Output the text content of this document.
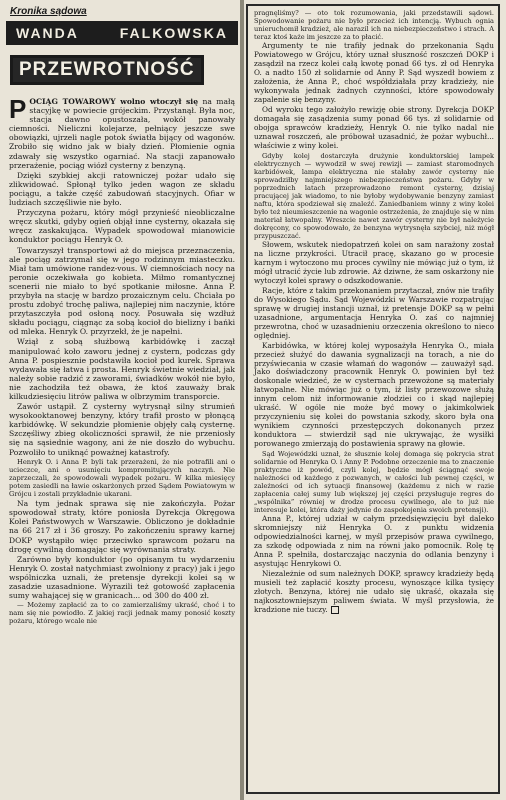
Kronika sądowa
WANDA	FALKOWSKA
PRZEWROTNOŚĆ

POCIĄG TOWAROWY wolno wtoczył się na małą stacyjkę w powiecie grójeckim. Przystanął. Była noc, stacja dawno opustoszała, wokół panowały ciemności. Nieliczni kolejarze, pełniący jeszcze swe obowiązki, ujrzeli nagle potok światła bijący od wagonów. Zrobiło się widno jak w biały dzień. Płomienie ognia zdawały się wszystko ogarniać. Na stacji zapanowało przerażenie, pociąg wiózł cysterny z benzyną.

Dzięki szybkiej akcji ratowniczej pożar udało się zlikwidować. Spłonął tylko jeden wagon ze składu pociągu, a także część zabudowań stacyjnych. Ofiar w ludziach szczęśliwie nie było.

Przyczyna pożaru, który mógł przynieść nieobliczalne wręcz skutki, gdyby ogień objął inne cysterny, okazała się wręcz zaskakująca. Wypadek spowodował mianowicie konduktor pociągu Henryk O.

Towarzyszył transportowi aż do miejsca przeznaczenia, ale pociąg zatrzymał się w jego rodzinnym miasteczku. Miał tam umówione randez-vous. W ciemnościach nocy na peronie oczekiwała go kobieta. Miłmo romantycznej scenerii nie miało to być spotkanie miłosne. Anna P. przybyła na stację w bardzo prozaicznym celu. Chciała po prostu zdobyć trochę paliwa, najlepiej nim naczynie, które przytaszczyła pod osłoną nocy. Posuwała się wzdłuż składu pociągu, ciągnąc za sobą kocioł do bielizny i bańki od mleka. Henryk O. przyrzekł, że je napełni.

Wziął z sobą służbową karbidówkę i zaczął manipulować koło zaworu jednej z cystern, podczas gdy Anna P. pospiesznie podstawiła kocioł pod kurek. Sprawa wydawała się łatwa i prosta. Henryk świetnie wiedział, jak należy sobie radzić z zaworami, świadków wokół nie było, nie zachodziła też obawa, że ktoś zauważy brak kilkudziesięciu litrów paliwa w olbrzymim transporcie.

Zawór ustąpił. Z cysterny wytrysnął silny strumień wysokooktanowej benzyny, który trafił prosto w płonącą karbidówkę. W sekundzie płomienie objęły całą cysternę. Szczęśliwy zbieg okoliczności sprawił, że nie przeniosły się na sąsiednie wagony, ani że nie doszło do wybuchu. Pozwoliło to uniknąć poważnej katastrofy.

Henryk O. i Anna P. byli tak przerażeni, że nie potrafili ani o ucieczce, ani o usunięciu kompromitujących naczyń. Nie zaprzeczali, że spowodowali wypadek pożaru. W kilka miesięcy potem zasiedli na ławie oskarżonych przed Sądem Powiatowym w Grójcu i zostali przykładnie ukarani.

Na tym jednak sprawa się nie zakończyła. Pożar spowodował straty, które poniosła Dyrekcja Okręgowa Kolei Państwowych w Warszawie. Obliczono je dokładnie na 66 217 zł i 36 groszy. Po zakończeniu sprawy karnej DOKP wystąpiło więc przeciwko sprawcom pożaru na drogę cywilną domagając się wyrównania straty.

Zarówno były konduktor (po opisanym tu wydarzeniu Henryk O. został natychmiast zwolniony z pracy) jak i jego wspólniczka uznali, że pretensje dyrekcji kolei są w zasadzie uzasadnione. Wyrazili też gotowość zapłacenia sumy wahającej się w granicach... od 300 do 400 zł.

— Możemy zapłacić za to co zamierzaliśmy ukraść, choć i to nam się nie powiodło. Z jakiej racji jednak mamy ponosić koszty pożaru, którego wcale nie

pragnęliśmy? — oto tok rozumowania, jaki przedstawili sądowi. Spowodowanie pożaru nie było przecież ich intencją. Wybuch ognia unieruchomił kradzież, ale narazil ich na niebezpieczeństwo i strach. A teraz ktoś każe im jeszcze za to płacić.

Argumenty te nie trafiły jednak do przekonania Sądu Powiatowego w Grójcu, który uznał słuszność roszczeń DOKP i zasądził na rzecz kolei całą kwotę ponad 66 tys. zł od Henryka O. a nadto 150 zł solidarnie od Anny P. Sąd wyszedł bowiem z założenia, że Anna P., choć współdziałała przy kradzieży, nie wykonywała jednak żadnych czynności, które spowodowały zapalenie się benzyny.

Od wyroku tego założyło rewizję obie strony. Dyrekcja DOKP domagała się zasądzenia sumy ponad 66 tys. zł solidarnie od obojga sprawców kradzieży, Henryk O. nie tylko nadal nie uznawał roszczeń, ale próbował uzasadnić, że pożar wybuchł... właściwie z winy kolei.

Gdyby kolej dostarczyła drużynie konduktorskiej lampek elektrycznych — wywodził w swej rewizji — zamiast staromodnych karbidówek, lampa elektryczna nie stałaby zawór cysterny nie sprowadziłby najmniejszego niebezpieczeństwa pożaru. Gdyby w poprzednich latach przeprowadzono remont cysterny, dzisiaj pracującej jak wiadomo, to nie byłoby wydobywanie benzyny zamiast naftu, która spodziewał się znaleźć. Zaniedbaniem winny z winy kolei było też nieumieszczenie na wagonie ostrzeżenia, że znajduje się w nim materiał łatwopalny. Wreszcie nawet zawór cysterny nie był należycie dokręcony, co spowodowało, że benzyna wytrysnęła szybciej, niż mógł przypuszczać.

Słowem, wskutek niedopatrzeń kolei on sam narażony został na liczne przykrości. Utracił pracę, skazano go w procesie karnym i wytoczono mu proces cywilny nie mówiąc już o tym, iż mógł utracić życie lub zdrowie. Aż dziwne, że sam oskarżony nie wytoczył kolei sprawy o odszkodowanie.

Racje, które z takim przekonaniem przytaczał, znów nie trafiły do Wysokiego Sądu. Sąd Wojewódzki w Warszawie rozpatrując sprawę w drugiej instancji uznał, iż pretensje DOKP są w pełni uzasadnione, argumentacja Henryka O. zaś co najmniej przewrotna, choć w uzasadnieniu orzeczenia określono to nieco oględniej.

Karbidówka, w której kolej wyposażyła Henryka O., miała przecież służyć do dawania sygnalizacji na torach, a nie do przyświecania w czasie włamań do wagonów — zauważył sąd. Jako doświadczony pracownik Henryk O. powinien był też doskonale wiedzieć, że w cysternach przewożone są materiały łatwopalne. Nie mówiąc już o tym, iż listy przewozowe służą innym celom niż informowanie złodziei co i skąd najlepiej ukraść. W ogóle nie może być mowy o jakimkolwiek przyczynieniu się kolei do powstania szkody, skoro była ona wynikiem czynności przestępczych dokonanych przez konduktora — stwierdził sąd nie ukrywając, że wysiłki porowanego zmierzają do postawienia sprawy na głowie.

Sąd Wojewódzki uznał, że słusznie kolej domaga się pokrycia strat solidarnie od Henryka O. i Anny P. Podobne orzeczenie ma to znaczenie praktyczne iż powód, czyli kolej, będzie mógł ściągnąć swoje należności od każdego z pozwanych, w całości lub pewnej części, w zależności od ich sytuacji finansowej (każdemu z nich w razie zapłacenia całej sumy lub większej jej części przysługuje regres do „wspólnika” równiej w drodze procesu cywilnego, ale to już nie interesuje kolei, która daży jedynie do zaspokojenia swoich pretensji).

Anna P., której udział w całym przedsięwzięciu był daleko skromniejszy niż Henryka O. z punktu widzenia odpowiedzialności karnej, w myśl przepisów prawa cywilnego, za szkodę odpowiada z nim na równi jako pomocnik. Rolę tę Anna P. spełniła, dostarczając naczynia do odlania benzyny i asystując Henrykowi O.

Niezależnie od sum należnych DOKP, sprawcy kradzieży będą musieli też zapłacić koszty procesu, wynoszące kilka tysięcy złotych. Benzyna, której nie udało się ukraść, okazała się najkosztowniejszym paliwem świata. W myśl przysłowia, że kradzione nie tuczy.
